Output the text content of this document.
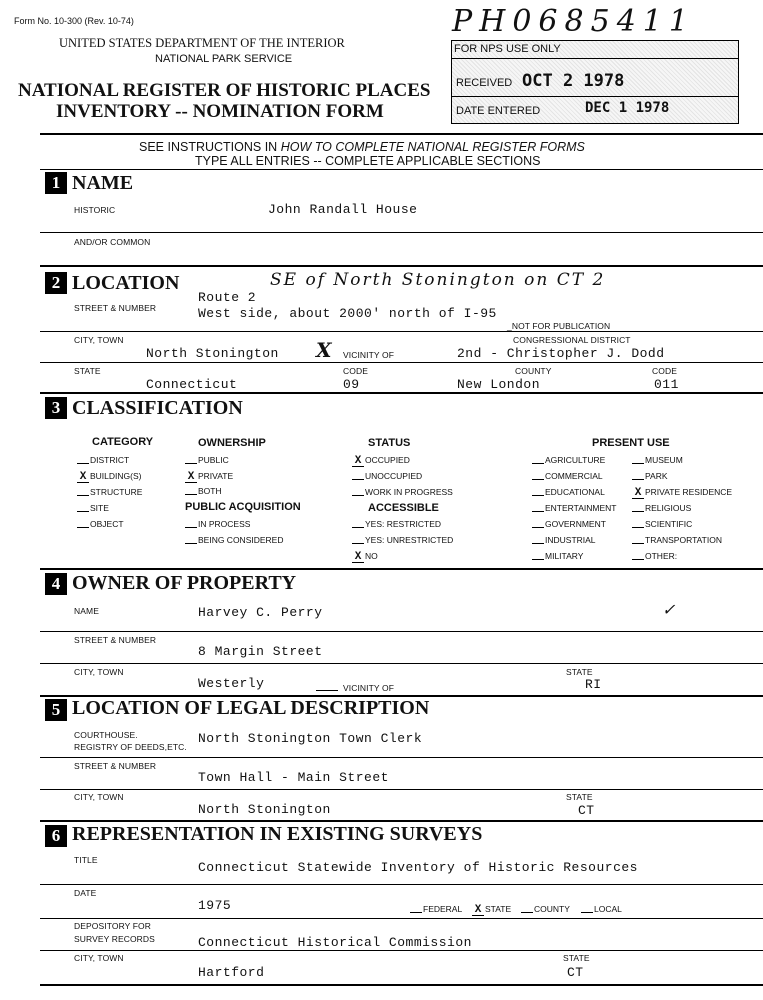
Form No. 10-300 (Rev. 10-74)
UNITED STATES DEPARTMENT OF THE INTERIOR
NATIONAL PARK SERVICE
NATIONAL REGISTER OF HISTORIC PLACES
INVENTORY -- NOMINATION FORM
PH0685411
FOR NPS USE ONLY
RECEIVED OCT 2 1978
DATE ENTERED	DEC 1 1978
SEE INSTRUCTIONS IN HOW TO COMPLETE NATIONAL REGISTER FORMS
TYPE ALL ENTRIES -- COMPLETE APPLICABLE SECTIONS
1 NAME
HISTORIC	John Randall House
AND/OR COMMON
2 LOCATION	SE of North Stonington on CT 2
STREET & NUMBER
Route 2
West side, about 2000' north of I-95
_NOT FOR PUBLICATION
CITY, TOWN
North Stonington X VICINITY OF
CONGRESSIONAL DISTRICT
2nd - Christopher J. Dodd
STATE
Connecticut
CODE
09
COUNTY
New London
CODE
011
3 CLASSIFICATION
CATEGORY
DISTRICT
X BUILDING(S)
STRUCTURE
SITE
OBJECT
OWNERSHIP
PUBLIC
X PRIVATE
BOTH
PUBLIC ACQUISITION
IN PROCESS
BEING CONSIDERED
STATUS
X OCCUPIED
UNOCCUPIED
WORK IN PROGRESS
ACCESSIBLE
YES: RESTRICTED
YES: UNRESTRICTED
X NO
PRESENT USE
AGRICULTURE
COMMERCIAL
EDUCATIONAL
ENTERTAINMENT
GOVERNMENT
INDUSTRIAL
MILITARY
MUSEUM
PARK
X PRIVATE RESIDENCE
RELIGIOUS
SCIENTIFIC
TRANSPORTATION
OTHER:
4 OWNER OF PROPERTY
NAME	Harvey C. Perry	✓
STREET & NUMBER
8 Margin Street
CITY, TOWN
Westerly	VICINITY OF
STATE
RI
5 LOCATION OF LEGAL DESCRIPTION
COURTHOUSE.
REGISTRY OF DEEDS,ETC.
North Stonington Town Clerk
STREET & NUMBER
Town Hall - Main Street
CITY, TOWN
North Stonington
STATE
CT
6 REPRESENTATION IN EXISTING SURVEYS
TITLE	Connecticut Statewide Inventory of Historic Resources
DATE
1975	FEDERAL X STATE	COUNTY	LOCAL
DEPOSITORY FOR
SURVEY RECORDS	Connecticut Historical Commission
CITY, TOWN
Hartford
STATE
CT
